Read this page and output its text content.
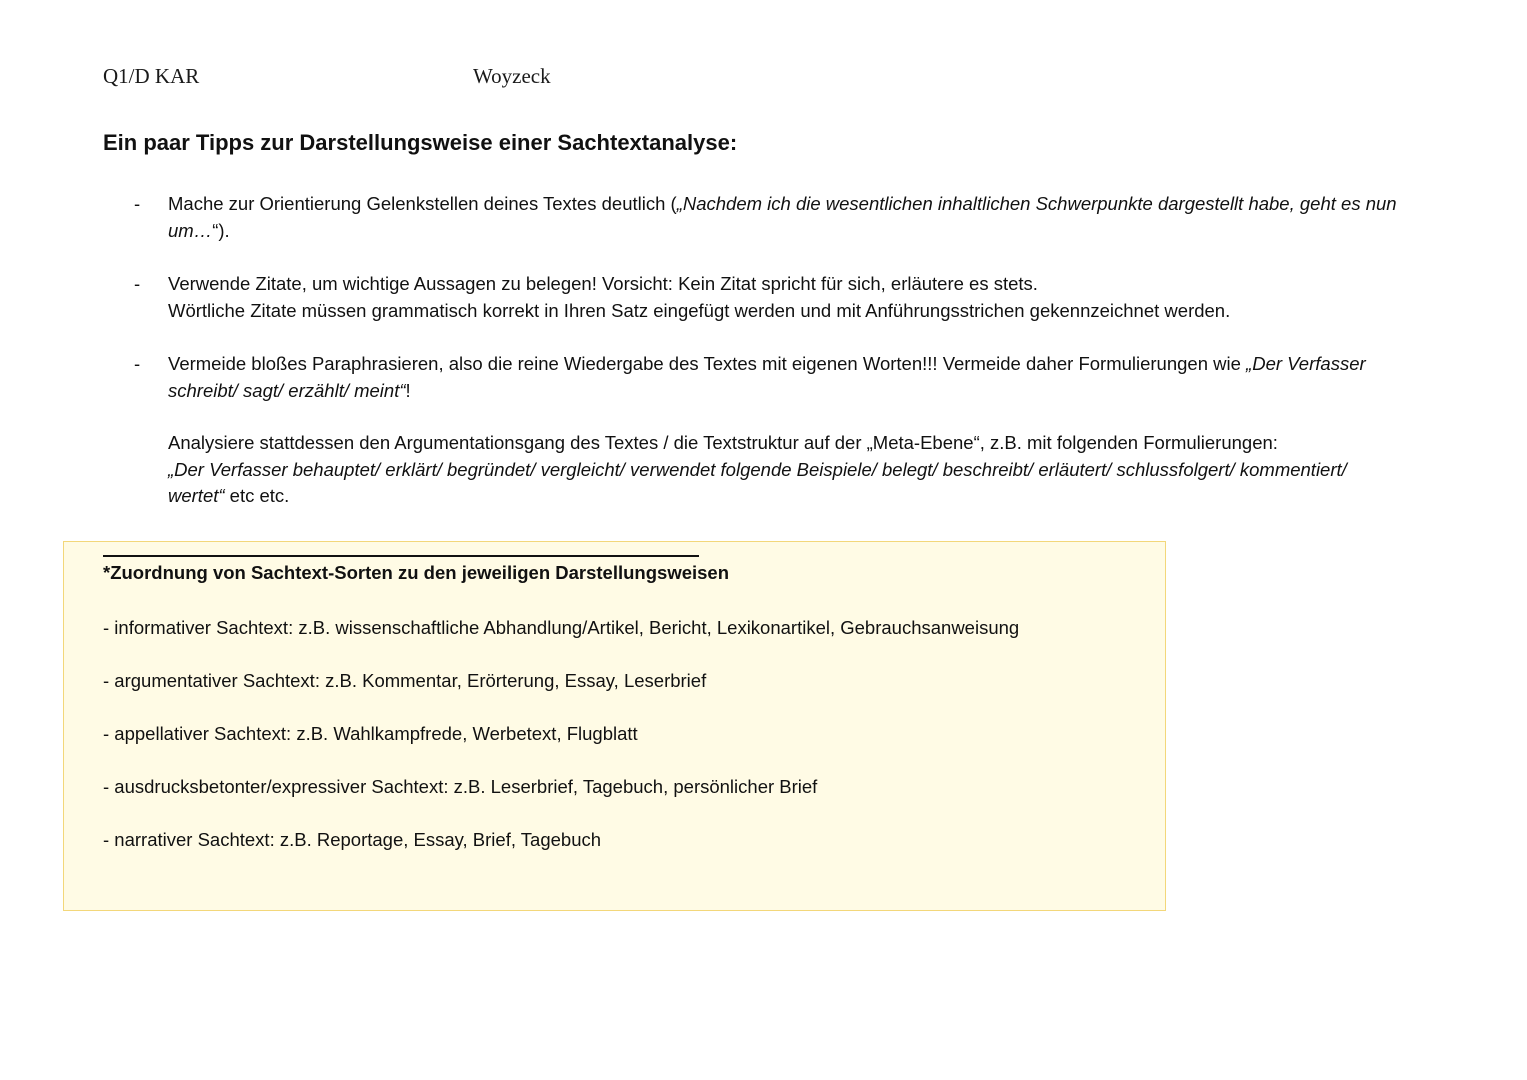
Q1/D KAR	Woyzeck
Ein paar Tipps zur Darstellungsweise einer Sachtextanalyse:
- Mache zur Orientierung Gelenkstellen deines Textes deutlich („Nachdem ich die wesentlichen inhaltlichen Schwerpunkte dargestellt habe, geht es nun um…“).

- Verwende Zitate, um wichtige Aussagen zu belegen! Vorsicht: Kein Zitat spricht für sich, erläutere es stets.

Wörtliche Zitate müssen grammatisch korrekt in Ihren Satz eingefügt werden und mit Anführungsstrichen gekennzeichnet werden.

- Vermeide bloßes Paraphrasieren, also die reine Wiedergabe des Textes mit eigenen Worten!!! Vermeide daher Formulierungen wie „Der Verfasser schreibt/ sagt/ erzählt/ meint“!

Analysiere stattdessen den Argumentationsgang des Textes / die Textstruktur auf der „Meta-Ebene“, z.B. mit folgenden Formulierungen:
„Der Verfasser behauptet/ erklärt/ begründet/ vergleicht/ verwendet folgende Beispiele/ belegt/ beschreibt/ erläutert/ schlussfolgert/ kommentiert/ wertet“ etc etc.

*Zuordnung von Sachtext-Sorten zu den jeweiligen Darstellungsweisen
- informativer Sachtext: z.B. wissenschaftliche Abhandlung/Artikel, Bericht, Lexikonartikel, Gebrauchsanweisung
- argumentativer Sachtext: z.B. Kommentar, Erörterung, Essay, Leserbrief
- appellativer Sachtext: z.B. Wahlkampfrede, Werbetext, Flugblatt
- ausdrucksbetonter/expressiver Sachtext: z.B. Leserbrief, Tagebuch, persönlicher Brief
- narrativer Sachtext: z.B. Reportage, Essay, Brief, Tagebuch
